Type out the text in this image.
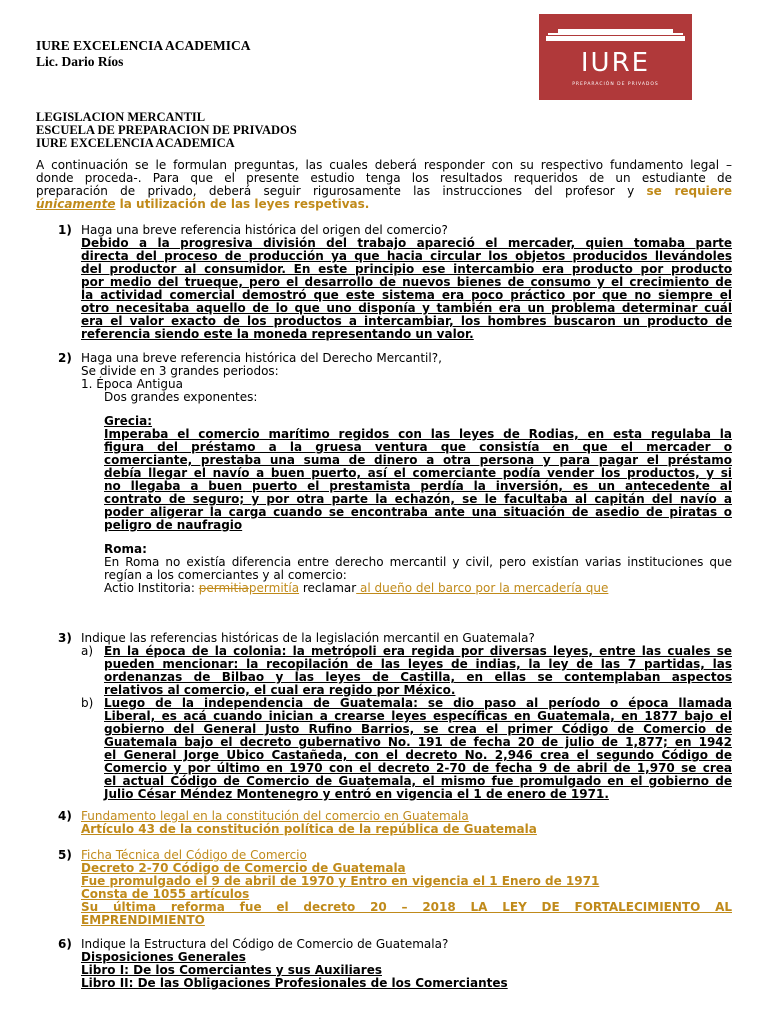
IURE EXCELENCIA ACADEMICA
Lic. Dario Ríos	IURE
PREPARACIÓN DE PRIVADOS
LEGISLACION MERCANTIL
ESCUELA DE PREPARACION DE PRIVADOS
IURE EXCELENCIA ACADEMICA
A continuación se le formulan preguntas, las cuales deberá responder con su respectivo fundamento legal –
donde proceda-. Para que el presente estudio tenga los resultados requeridos de un estudiante de
preparación de privado, deberá seguir rigurosamente las instrucciones del profesor y se requiere
únicamente la utilización de las leyes respetivas.
1) Haga una breve referencia histórica del origen del comercio?
Debido a la progresiva división del trabajo apareció el mercader, quien tomaba parte
directa del proceso de producción ya que hacia circular los objetos producidos llevándoles
del productor al consumidor. En este principio ese intercambio era producto por producto
por medio del trueque, pero el desarrollo de nuevos bienes de consumo y el crecimiento de
la actividad comercial demostró que este sistema era poco práctico por que no siempre el
otro necesitaba aquello de lo que uno disponía y también era un problema determinar cuál
era el valor exacto de los productos a intercambiar, los hombres buscaron un producto de
referencia siendo este la moneda representando un valor.
2) Haga una breve referencia histórica del Derecho Mercantil?,
Se divide en 3 grandes periodos:
1. Época Antigua
Dos grandes exponentes:
Grecia:
Imperaba el comercio marítimo regidos con las leyes de Rodias, en esta regulaba la
figura del préstamo a la gruesa ventura que consistía en que el mercader o
comerciante, prestaba una suma de dinero a otra persona y para pagar el préstamo
debía llegar el navío a buen puerto, así el comerciante podía vender los productos, y si
no llegaba a buen puerto el prestamista perdía la inversión, es un antecedente al
contrato de seguro; y por otra parte la echazón, se le facultaba al capitán del navío a
poder aligerar la carga cuando se encontraba ante una situación de asedio de piratas o
peligro de naufragio
Roma:
En Roma no existía diferencia entre derecho mercantil y civil, pero existían varias instituciones que
regían a los comerciantes y al comercio:
Actio Institoria: permitiapermitía reclamar al dueño del barco por la mercadería que
3) Indique las referencias históricas de la legislación mercantil en Guatemala?
a) En la época de la colonia: la metrópoli era regida por diversas leyes, entre las cuales se
pueden mencionar: la recopilación de las leyes de indias, la ley de las 7 partidas, las
ordenanzas de Bilbao y las leyes de Castilla, en ellas se contemplaban aspectos
relativos al comercio, el cual era regido por México.
b) Luego de la independencia de Guatemala: se dio paso al período o época llamada
Liberal, es acá cuando inician a crearse leyes específicas en Guatemala, en 1877 bajo el
gobierno del General Justo Rufino Barrios, se crea el primer Código de Comercio de
Guatemala bajo el decreto gubernativo No. 191 de fecha 20 de julio de 1,877; en 1942
el General Jorge Ubico Castañeda, con el decreto No. 2,946 crea el segundo Código de
Comercio y por último en 1970 con el decreto 2-70 de fecha 9 de abril de 1,970 se crea
el actual Código de Comercio de Guatemala, el mismo fue promulgado en el gobierno de
Julio César Méndez Montenegro y entró en vigencia el 1 de enero de 1971.
4) Fundamento legal en la constitución del comercio en Guatemala
Artículo 43 de la constitución política de la república de Guatemala
5) Ficha Técnica del Código de Comercio
Decreto 2-70 Código de Comercio de Guatemala
Fue promulgado el 9 de abril de 1970 y Entro en vigencia el 1 Enero de 1971
Consta de 1055 artículos
Su última reforma fue el decreto 20 – 2018 LA LEY DE FORTALECIMIENTO AL
EMPRENDIMIENTO
6) Indique la Estructura del Código de Comercio de Guatemala?
Disposiciones Generales
Libro I: De los Comerciantes y sus Auxiliares
Libro II: De las Obligaciones Profesionales de los Comerciantes
